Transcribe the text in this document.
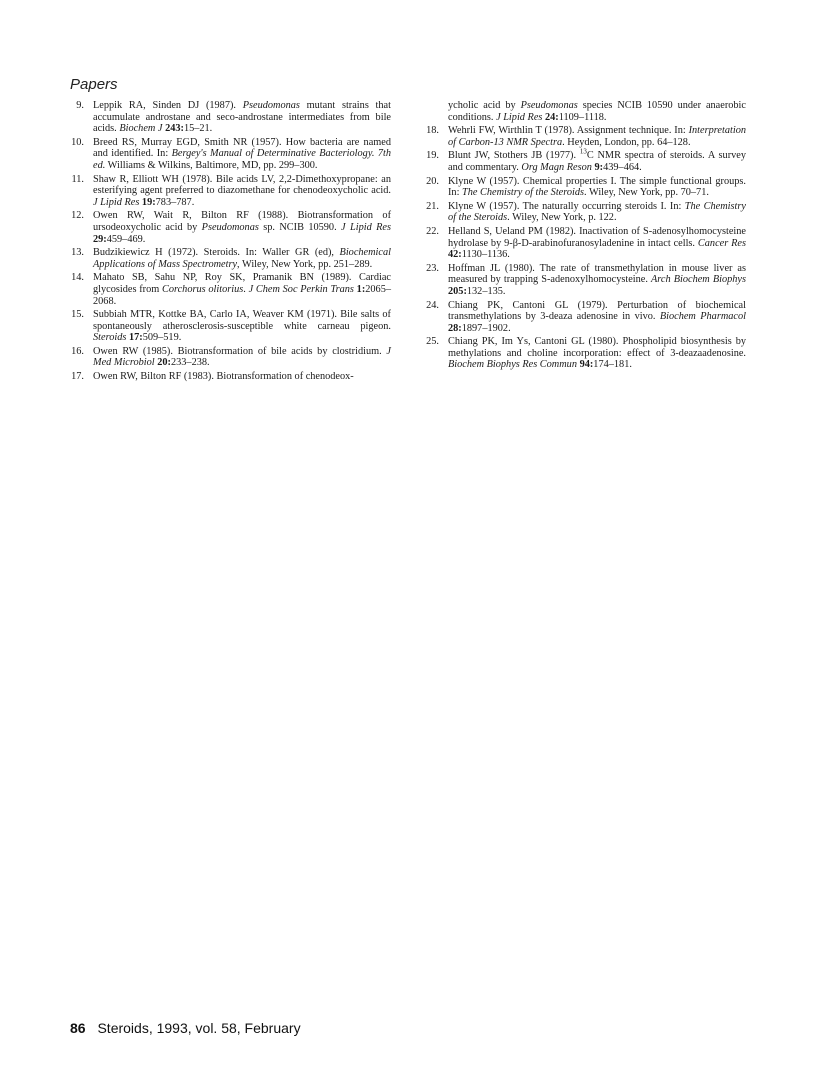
Papers
9. Leppik RA, Sinden DJ (1987). Pseudomonas mutant strains that accumulate androstane and seco-androstane intermediates from bile acids. Biochem J 243:15–21.
10. Breed RS, Murray EGD, Smith NR (1957). How bacteria are named and identified. In: Bergey's Manual of Determinative Bacteriology. 7th ed. Williams & Wilkins, Baltimore, MD, pp. 299–300.
11. Shaw R, Elliott WH (1978). Bile acids LV, 2,2-Dimethoxypropane: an esterifying agent preferred to diazomethane for chenodeoxycholic acid. J Lipid Res 19:783–787.
12. Owen RW, Wait R, Bilton RF (1988). Biotransformation of ursodeoxycholic acid by Pseudomonas sp. NCIB 10590. J Lipid Res 29:459–469.
13. Budzikiewicz H (1972). Steroids. In: Waller GR (ed), Biochemical Applications of Mass Spectrometry, Wiley, New York, pp. 251–289.
14. Mahato SB, Sahu NP, Roy SK, Pramanik BN (1989). Cardiac glycosides from Corchorus olitorius. J Chem Soc Perkin Trans 1:2065–2068.
15. Subbiah MTR, Kottke BA, Carlo IA, Weaver KM (1971). Bile salts of spontaneously atherosclerosis-susceptible white carneau pigeon. Steroids 17:509–519.
16. Owen RW (1985). Biotransformation of bile acids by clostridium. J Med Microbiol 20:233–238.
17. Owen RW, Bilton RF (1983). Biotransformation of chenodeox-
ycholic acid by Pseudomonas species NCIB 10590 under anaerobic conditions. J Lipid Res 24:1109–1118.
18. Wehrli FW, Wirthlin T (1978). Assignment technique. In: Interpretation of Carbon-13 NMR Spectra. Heyden, London, pp. 64–128.
19. Blunt JW, Stothers JB (1977). $^{13}$C NMR spectra of steroids. A survey and commentary. Org Magn Reson 9:439–464.
20. Klyne W (1957). Chemical properties I. The simple functional groups. In: The Chemistry of the Steroids. Wiley, New York, pp. 70–71.
21. Klyne W (1957). The naturally occurring steroids I. In: The Chemistry of the Steroids. Wiley, New York, p. 122.
22. Helland S, Ueland PM (1982). Inactivation of S-adenosylhomocysteine hydrolase by 9-β-D-arabinofuranosyladenine in intact cells. Cancer Res 42:1130–1136.
23. Hoffman JL (1980). The rate of transmethylation in mouse liver as measured by trapping S-adenoxylhomocysteine. Arch Biochem Biophys 205:132–135.
24. Chiang PK, Cantoni GL (1979). Perturbation of biochemical transmethylations by 3-deaza adenosine in vivo. Biochem Pharmacol 28:1897–1902.
25. Chiang PK, Im Ys, Cantoni GL (1980). Phospholipid biosynthesis by methylations and choline incorporation: effect of 3-deazaadenosine. Biochem Biophys Res Commun 94:174–181.
86 Steroids, 1993, vol. 58, February
